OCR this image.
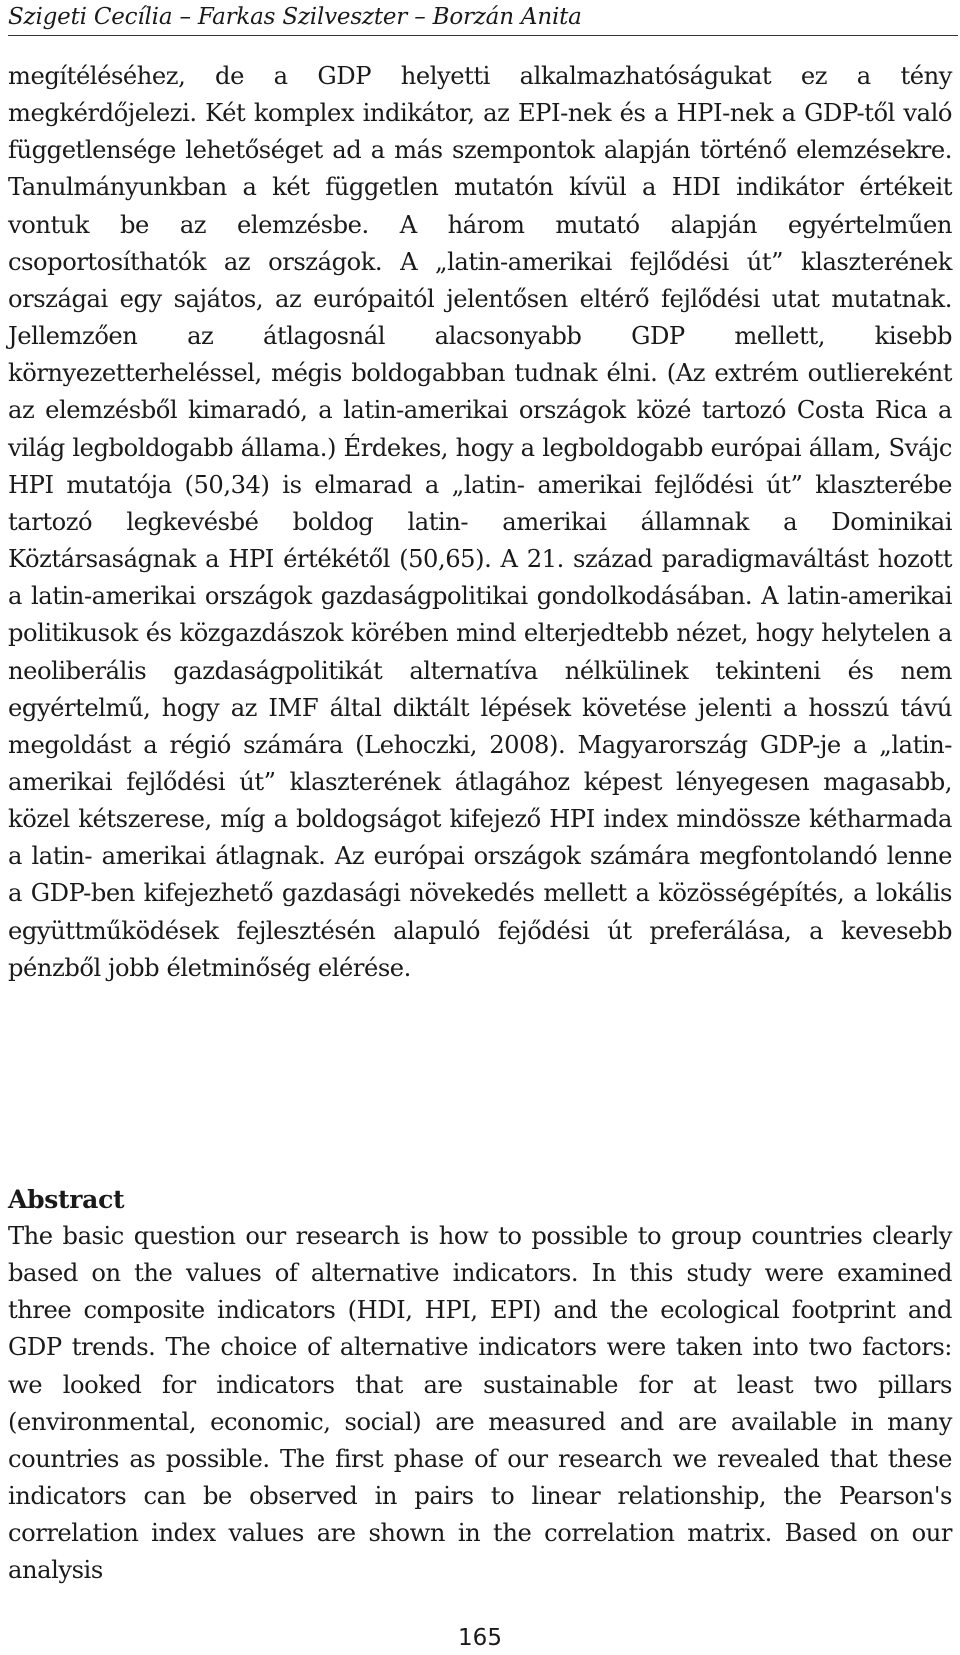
Szigeti Cecília – Farkas Szilveszter – Borzán Anita

megítéléséhez, de a GDP helyetti alkalmazhatóságukat ez a tény megkérdőjelezi. Két komplex indikátor, az EPI-nek és a HPI-nek a GDP-től való függetlensége lehetőséget ad a más szempontok alapján történő elemzésekre. Tanulmányunkban a két független mutatón kívül a HDI indikátor értékeit vontuk be az elemzésbe. A három mutató alapján egyértelműen csoportosíthatók az országok. A „latin-amerikai fejlődési út” klaszterének országai egy sajátos, az európaitól jelentősen eltérő fejlődési utat mutatnak. Jellemzően az átlagosnál alacsonyabb GDP mellett, kisebb környezetterheléssel, mégis boldogabban tudnak élni. (Az extrém outliereként az elemzésből kimaradó, a latin-amerikai országok közé tartozó Costa Rica a világ legboldogabb állama.) Érdekes, hogy a legboldogabb európai állam, Svájc HPI mutatója (50,34) is elmarad a „latin- amerikai fejlődési út” klaszterébe tartozó legkevésbé boldog latin- amerikai államnak a Dominikai Köztársaságnak a HPI értékétől (50,65). A 21. század paradigmaváltást hozott a latin-amerikai országok gazdaságpolitikai gondolkodásában. A latin-amerikai politikusok és közgazdászok körében mind elterjedtebb nézet, hogy helytelen a neoliberális gazdaságpolitikát alternatíva nélkülinek tekinteni és nem egyértelmű, hogy az IMF által diktált lépések követése jelenti a hosszú távú megoldást a régió számára (Lehoczki, 2008). Magyarország GDP-je a „latin- amerikai fejlődési út” klaszterének átlagához képest lényegesen magasabb, közel kétszerese, míg a boldogságot kifejező HPI index mindössze kétharmada a latin- amerikai átlagnak. Az európai országok számára megfontolandó lenne a GDP-ben kifejezhető gazdasági növekedés mellett a közösségépítés, a lokális együttműködések fejlesztésén alapuló fejődési út preferálása, a kevesebb pénzből jobb életminőség elérése.

Abstract

The basic question our research is how to possible to group countries clearly based on the values of alternative indicators. In this study were examined three composite indicators (HDI, HPI, EPI) and the ecological footprint and GDP trends. The choice of alternative indicators were taken into two factors: we looked for indicators that are sustainable for at least two pillars (environmental, economic, social) are measured and are available in many countries as possible. The first phase of our research we revealed that these indicators can be observed in pairs to linear relationship, the Pearson's correlation index values are shown in the correlation matrix. Based on our analysis

165
